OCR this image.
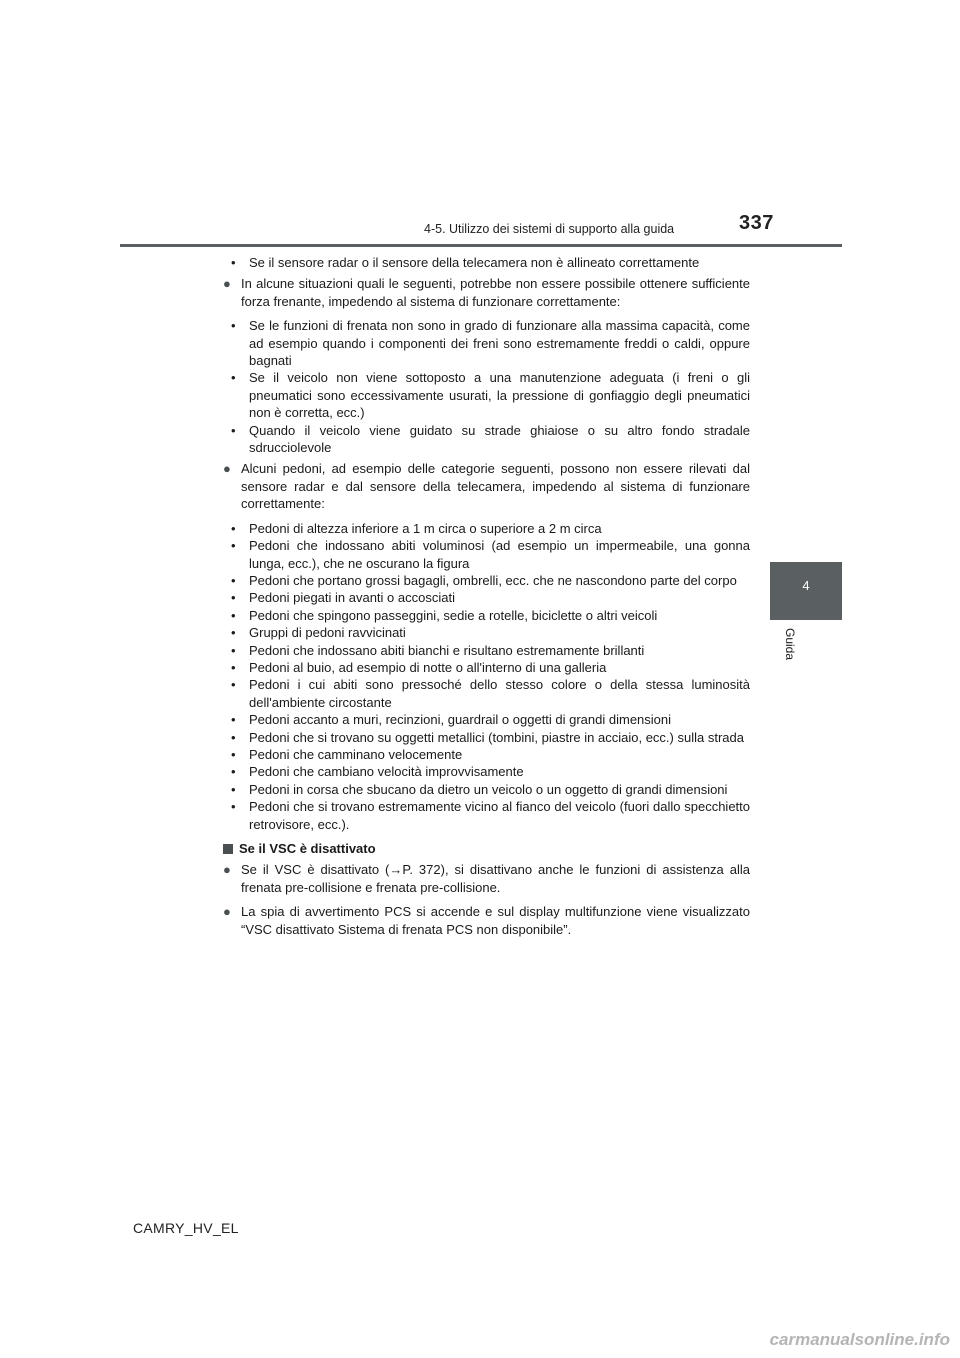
4-5. Utilizzo dei sistemi di supporto alla guida	337
4
Guida

• Se il sensore radar o il sensore della telecamera non è allineato correttamente

● In alcune situazioni quali le seguenti, potrebbe non essere possibile ottenere sufficiente forza frenante, impedendo al sistema di funzionare correttamente:

• Se le funzioni di frenata non sono in grado di funzionare alla massima capacità, come ad esempio quando i componenti dei freni sono estremamente freddi o caldi, oppure bagnati

• Se il veicolo non viene sottoposto a una manutenzione adeguata (i freni o gli pneumatici sono eccessivamente usurati, la pressione di gonfiaggio degli pneumatici non è corretta, ecc.)

• Quando il veicolo viene guidato su strade ghiaiose o su altro fondo stradale sdrucciolevole

● Alcuni pedoni, ad esempio delle categorie seguenti, possono non essere rilevati dal sensore radar e dal sensore della telecamera, impedendo al sistema di funzionare correttamente:

• Pedoni di altezza inferiore a 1 m circa o superiore a 2 m circa

• Pedoni che indossano abiti voluminosi (ad esempio un impermeabile, una gonna lunga, ecc.), che ne oscurano la figura

• Pedoni che portano grossi bagagli, ombrelli, ecc. che ne nascondono parte del corpo

• Pedoni piegati in avanti o accosciati

• Pedoni che spingono passeggini, sedie a rotelle, biciclette o altri veicoli

• Gruppi di pedoni ravvicinati

• Pedoni che indossano abiti bianchi e risultano estremamente brillanti

• Pedoni al buio, ad esempio di notte o all'interno di una galleria

• Pedoni i cui abiti sono pressoché dello stesso colore o della stessa luminosità dell'ambiente circostante

• Pedoni accanto a muri, recinzioni, guardrail o oggetti di grandi dimensioni

• Pedoni che si trovano su oggetti metallici (tombini, piastre in acciaio, ecc.) sulla strada

• Pedoni che camminano velocemente

• Pedoni che cambiano velocità improvvisamente

• Pedoni in corsa che sbucano da dietro un veicolo o un oggetto di grandi dimensioni

• Pedoni che si trovano estremamente vicino al fianco del veicolo (fuori dallo specchietto retrovisore, ecc.).

Se il VSC è disattivato

● Se il VSC è disattivato (→P. 372), si disattivano anche le funzioni di assistenza alla frenata pre-collisione e frenata pre-collisione.

● La spia di avvertimento PCS si accende e sul display multifunzione viene visualizzato “VSC disattivato Sistema di frenata PCS non disponibile”.

CAMRY_HV_EL
carmanualsonline.info
